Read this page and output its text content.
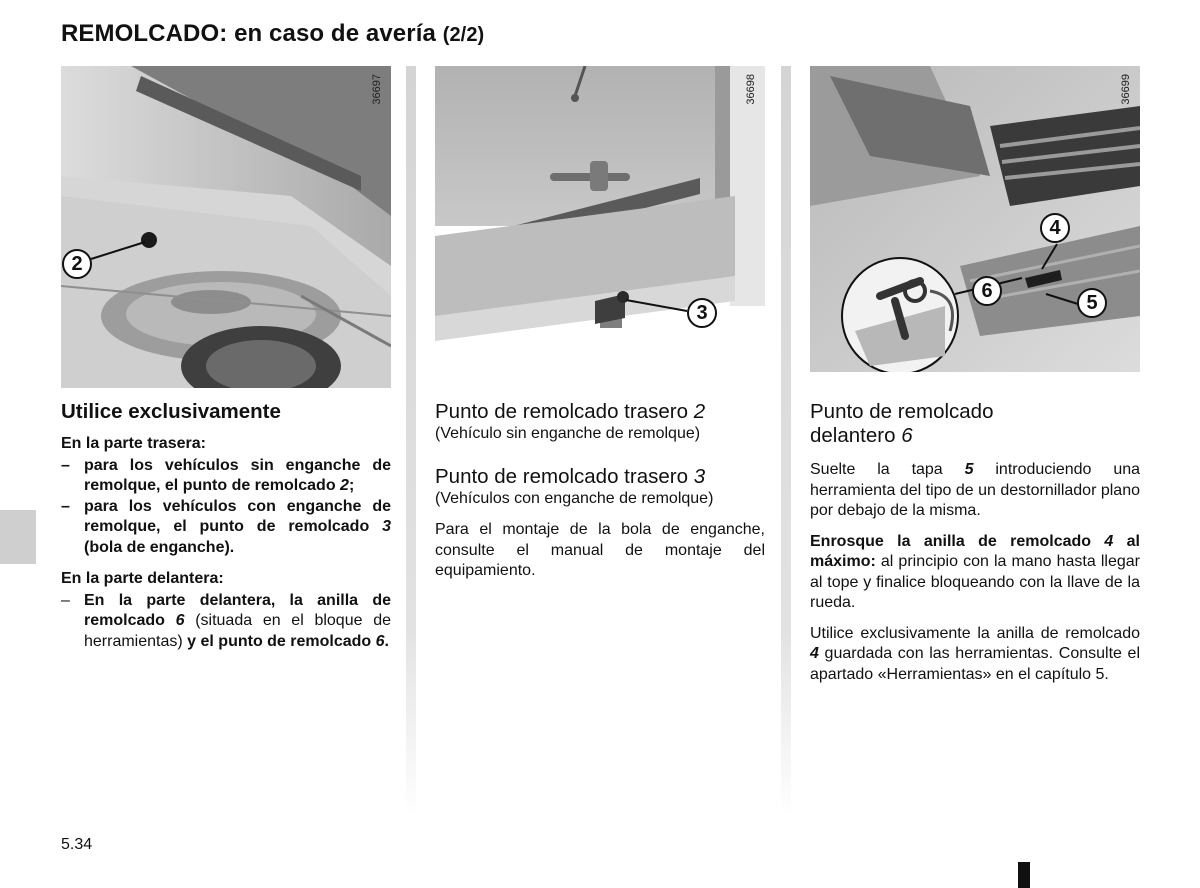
REMOLCADO: en caso de avería (2/2)
36697
2
36698
3
36699
4
6
5
Utilice exclusivamente
En la parte trasera:
– para los vehículos sin enganche de remolque, el punto de remolcado 2;
– para los vehículos con enganche de remolque, el punto de remolcado 3 (bola de enganche).
En la parte delantera:
– En la parte delantera, la anilla de remolcado 6 (situada en el bloque de herramientas) y el punto de remolcado 6.
Punto de remolcado trasero 2
(Vehículo sin enganche de remolque)
Punto de remolcado trasero 3
(Vehículos con enganche de remolque)

Para el montaje de la bola de enganche, consulte el manual de montaje del equipamiento.

Punto de remolcado
delantero 6

Suelte la tapa 5 introduciendo una herramienta del tipo de un destornillador plano por debajo de la misma.

Enrosque la anilla de remolcado 4 al máximo: al principio con la mano hasta llegar al tope y finalice bloqueando con la llave de la rueda.

Utilice exclusivamente la anilla de remolcado 4 guardada con las herramientas. Consulte el apartado «Herramientas» en el capítulo 5.

5.34
